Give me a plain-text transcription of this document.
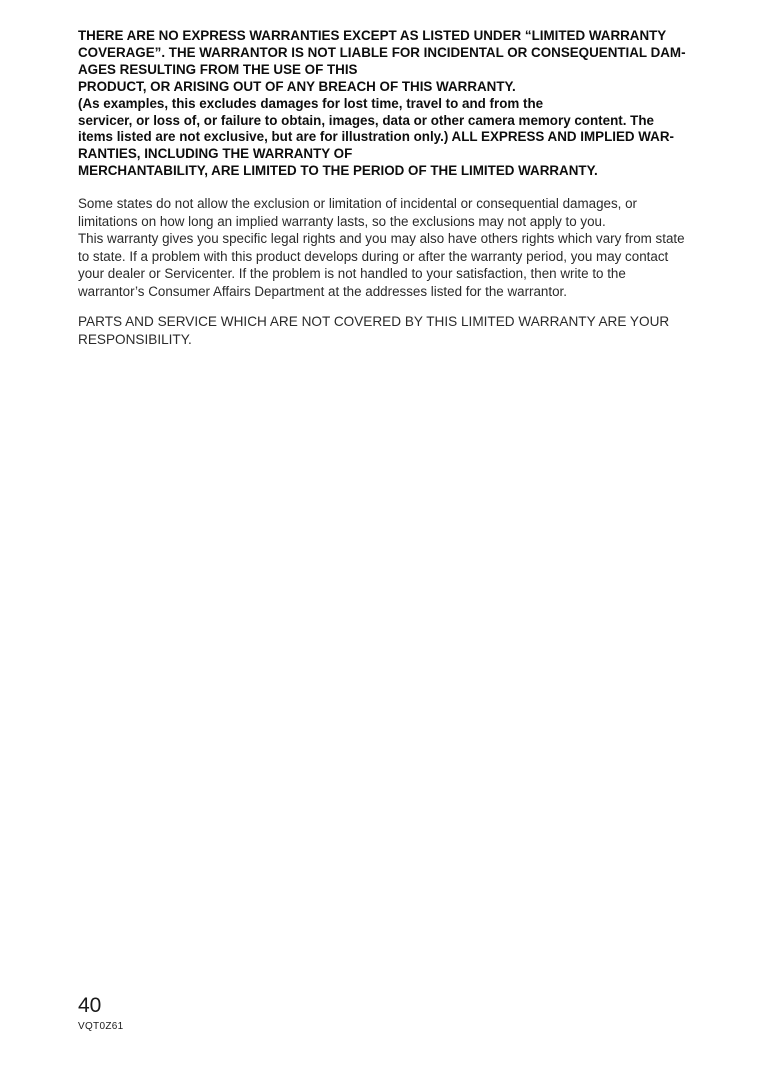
THERE ARE NO EXPRESS WARRANTIES EXCEPT AS LISTED UNDER “LIMITED WARRANTY
COVERAGE”. THE WARRANTOR IS NOT LIABLE FOR INCIDENTAL OR CONSEQUENTIAL DAM-
AGES RESULTING FROM THE USE OF THIS
PRODUCT, OR ARISING OUT OF ANY BREACH OF THIS WARRANTY.
(As examples, this excludes damages for lost time, travel to and from the
servicer, or loss of, or failure to obtain, images, data or other camera memory content. The
items listed are not exclusive, but are for illustration only.) ALL EXPRESS AND IMPLIED WAR-
RANTIES, INCLUDING THE WARRANTY OF
MERCHANTABILITY, ARE LIMITED TO THE PERIOD OF THE LIMITED WARRANTY.
Some states do not allow the exclusion or limitation of incidental or consequential damages, or
limitations on how long an implied warranty lasts, so the exclusions may not apply to you.
This warranty gives you specific legal rights and you may also have others rights which vary from state
to state. If a problem with this product develops during or after the warranty period, you may contact
your dealer or Servicenter. If the problem is not handled to your satisfaction, then write to the
warrantor’s Consumer Affairs Department at the addresses listed for the warrantor.
PARTS AND SERVICE WHICH ARE NOT COVERED BY THIS LIMITED WARRANTY ARE YOUR
RESPONSIBILITY.
40
VQT0Z61
